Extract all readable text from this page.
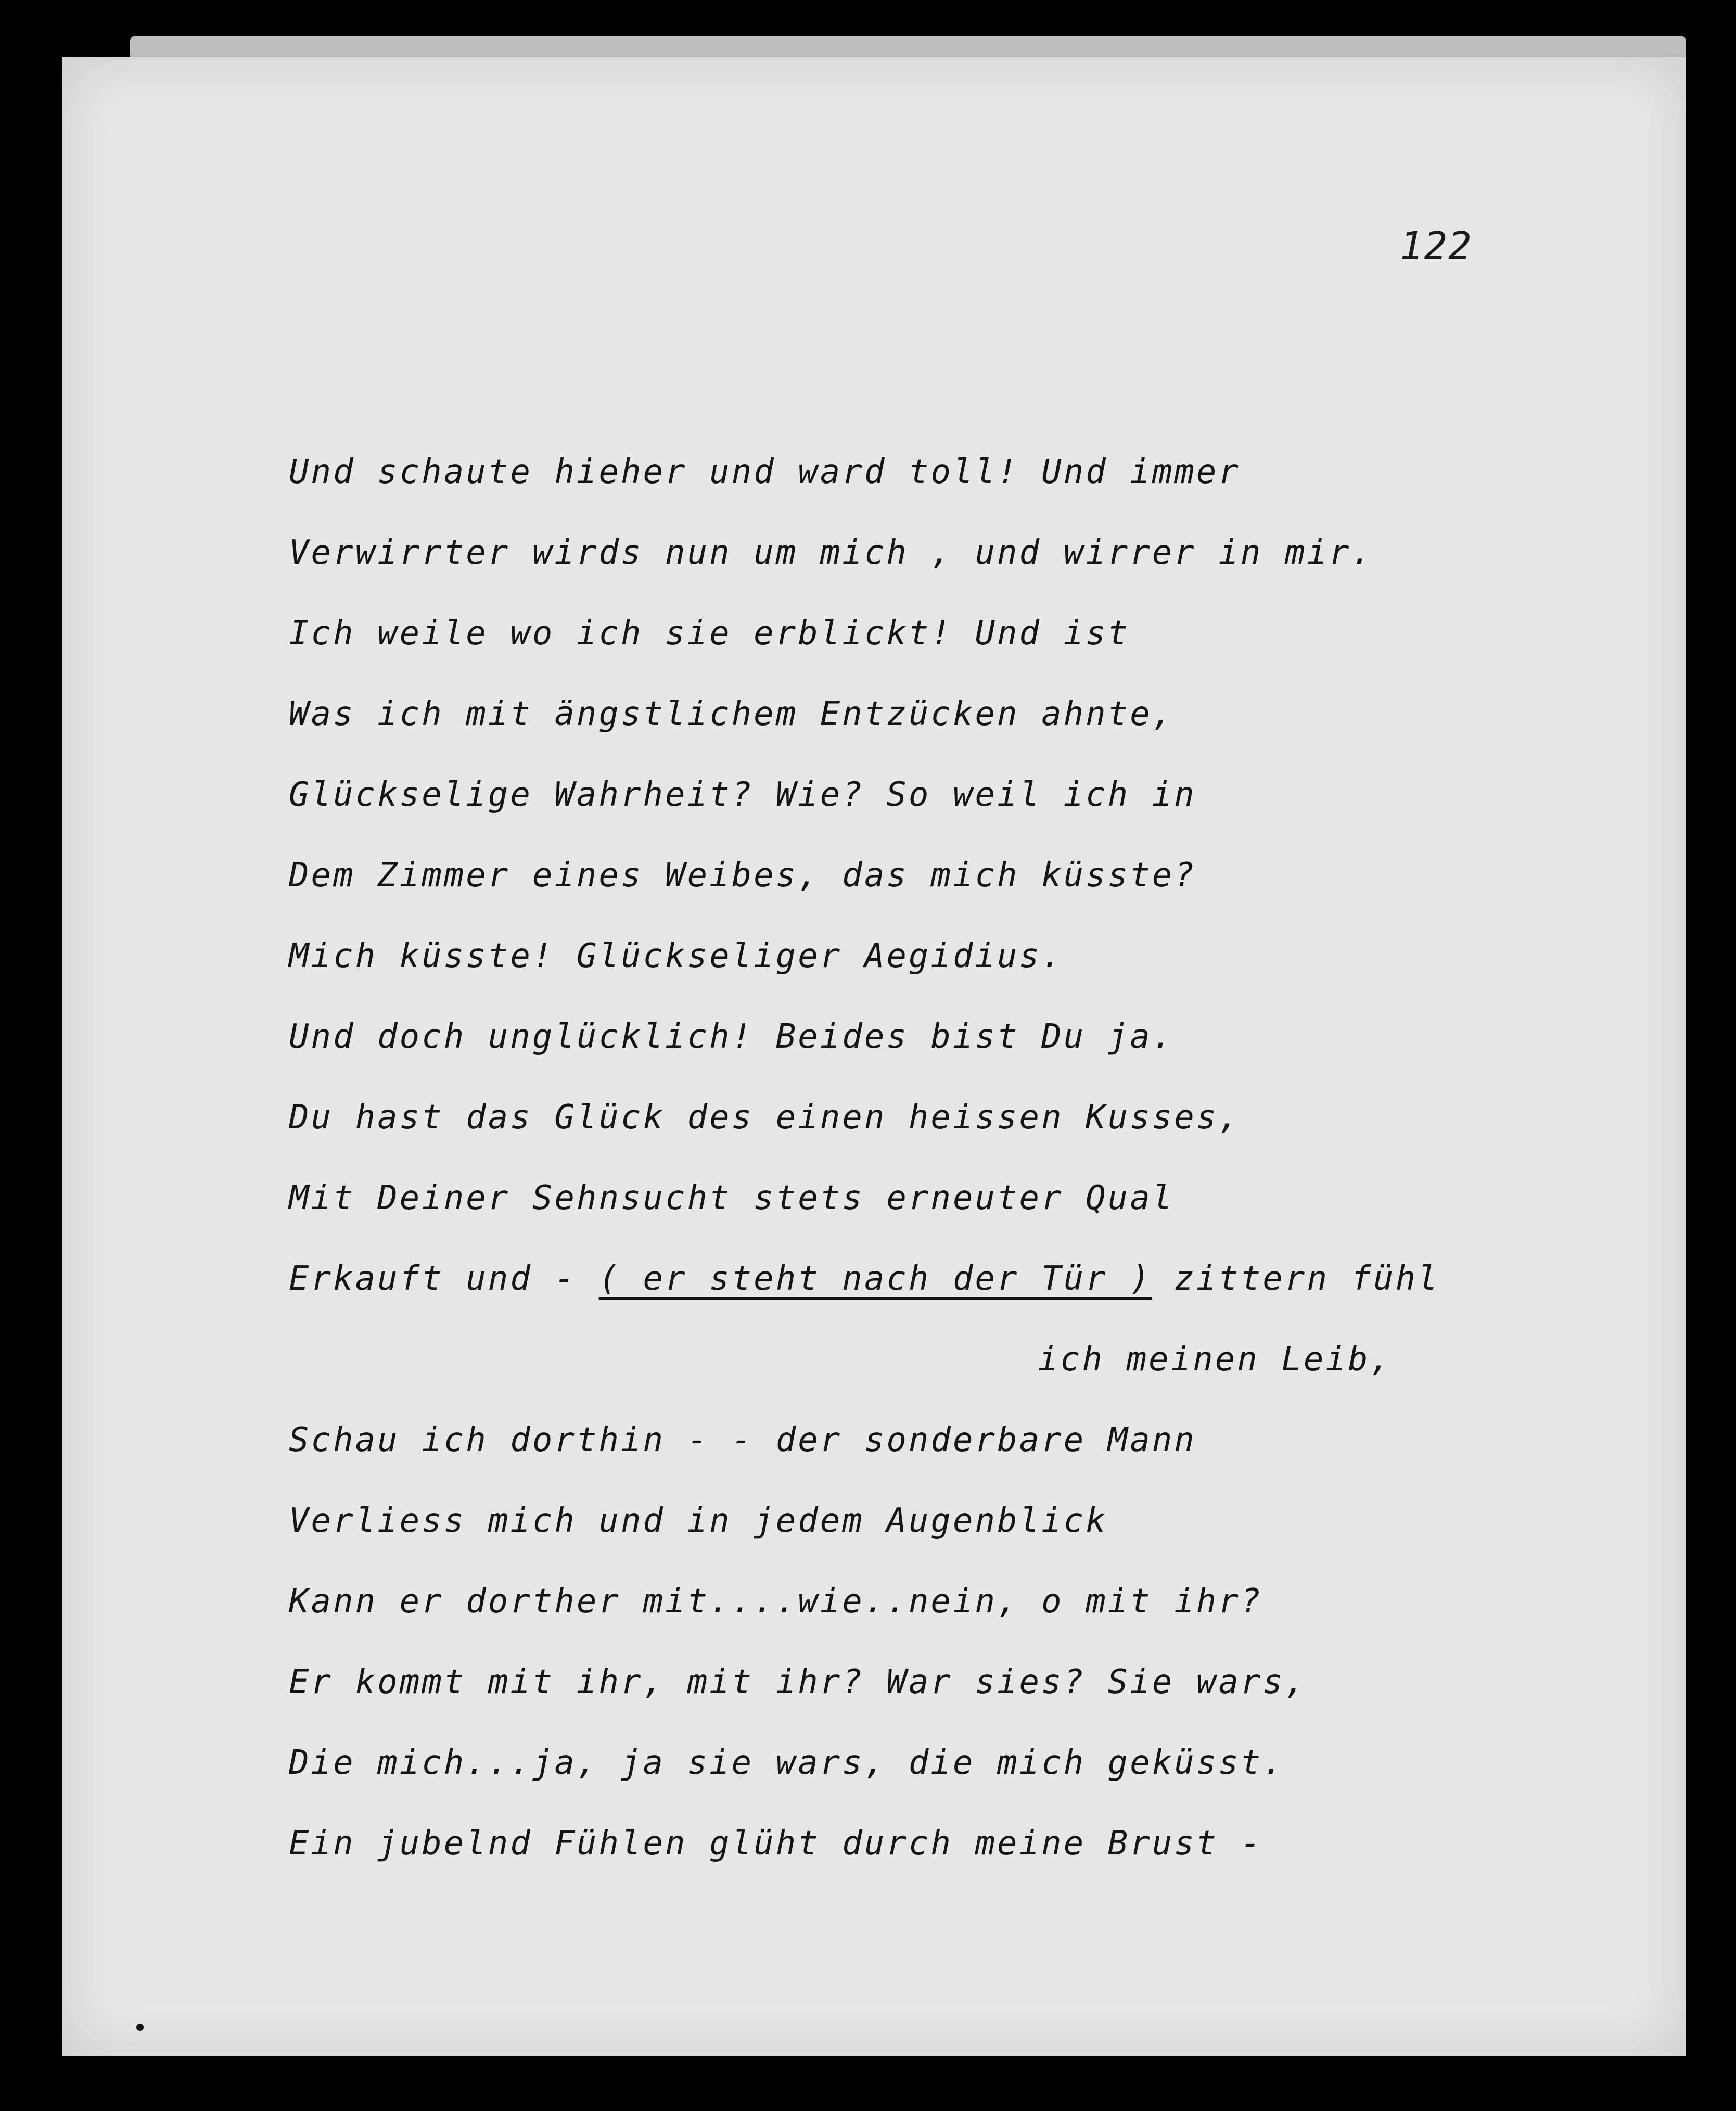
122
Und schaute hieher und ward toll! Und immer
Verwirrter wirds nun um mich , und wirrer in mir.
Ich weile wo ich sie erblickt! Und ist
Was ich mit ängstlichem Entzücken ahnte,
Glückselige Wahrheit? Wie? So weil ich in
Dem Zimmer eines Weibes, das mich küsste?
Mich küsste! Glückseliger Aegidius.
Und doch unglücklich! Beides bist Du ja.
Du hast das Glück des einen heissen Kusses,
Mit Deiner Sehnsucht stets erneuter Qual
Erkauft und - ( er steht nach der Tür ) zittern fühl
ich meinen Leib,
Schau ich dorthin - - der sonderbare Mann
Verliess mich und in jedem Augenblick
Kann er dorther mit....wie..nein, o mit ihr?
Er kommt mit ihr, mit ihr? War sies? Sie wars,
Die mich...ja, ja sie wars, die mich geküsst.
Ein jubelnd Fühlen glüht durch meine Brust -
